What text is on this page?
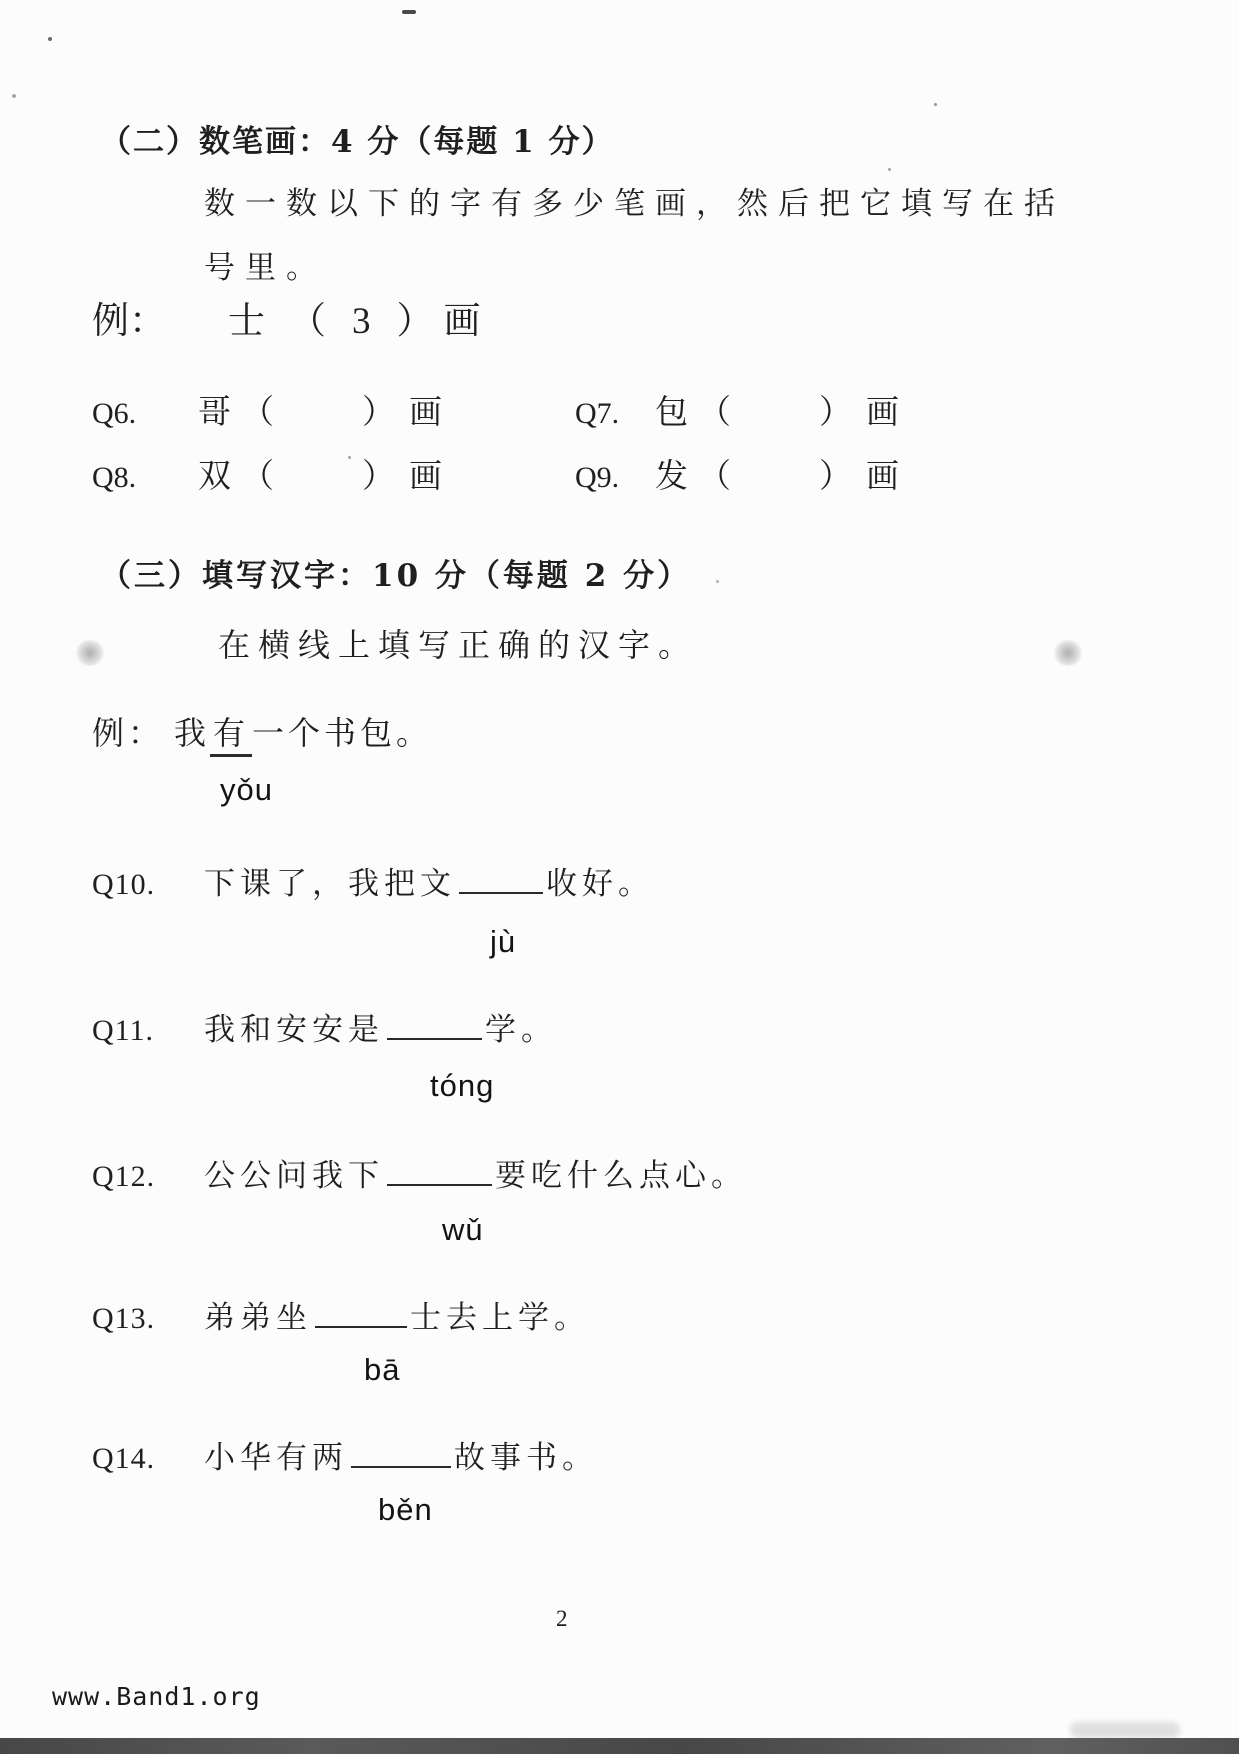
（二）数笔画：4 分（每题 1 分）
数一数以下的字有多少笔画，然后把它填写在括
号里。
例： 士 （ 3 ） 画
Q6. 哥 （	） 画	Q7. 包 （	） 画
Q8. 双 （	） 画	Q9. 发 （	） 画
（三）填写汉字：10 分（每题 2 分）
在横线上填写正确的汉字。
例： 我有一个书包。
yǒu
Q10. 下课了，我把文	收好。
jù
Q11. 我和安安是	学。
tóng
Q12. 公公问我下	要吃什么点心。
wǔ
Q13. 弟弟坐	士去上学。
bā
Q14. 小华有两	故事书。
běn
2
www.Band1.org
